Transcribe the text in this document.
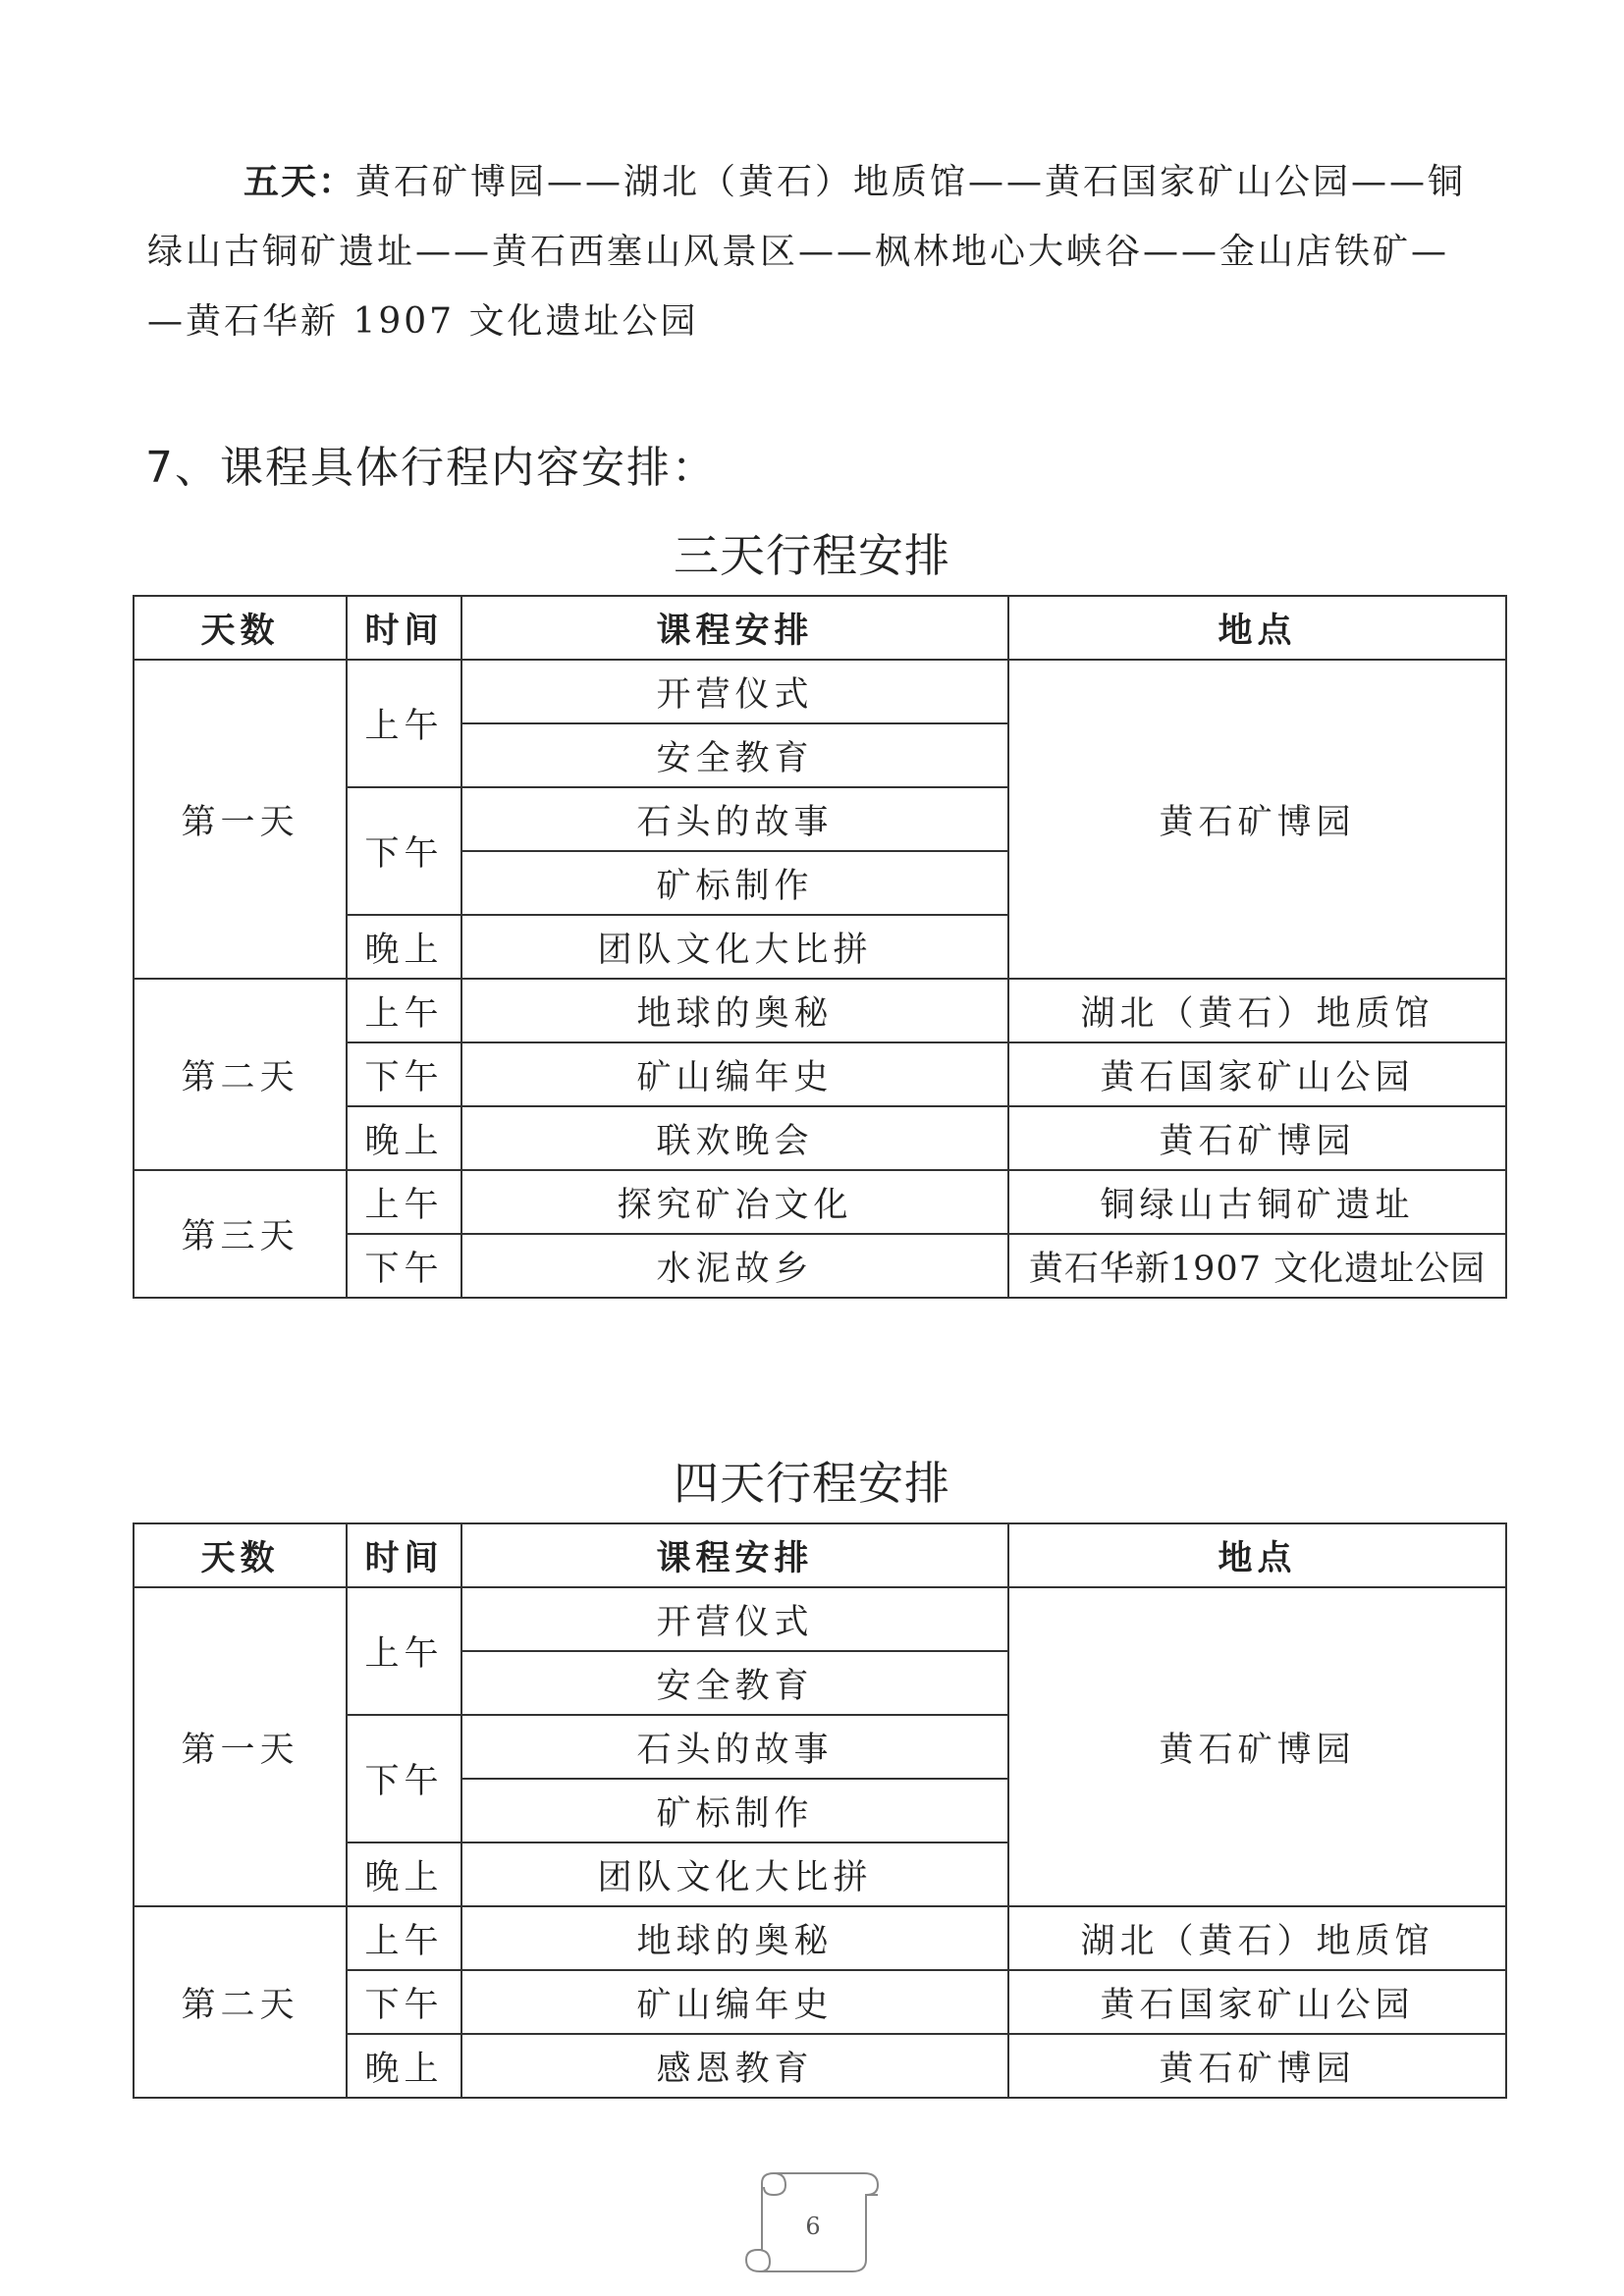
五天：黄石矿博园——湖北（黄石）地质馆——黄石国家矿山公园——铜
绿山古铜矿遗址——黄石西塞山风景区——枫林地心大峡谷——金山店铁矿—
—黄石华新 1907 文化遗址公园
7、课程具体行程内容安排：
三天行程安排
天数	时间	课程安排	地点
第一天	上午	开营仪式	黄石矿博园
		安全教育	
	下午	石头的故事	
		矿标制作	
	晚上	团队文化大比拼	
第二天	上午	地球的奥秘	湖北（黄石）地质馆
	下午	矿山编年史	黄石国家矿山公园
	晚上	联欢晚会	黄石矿博园
第三天	上午	探究矿冶文化	铜绿山古铜矿遗址
	下午	水泥故乡	黄石华新1907 文化遗址公园
四天行程安排
天数	时间	课程安排	地点
第一天	上午	开营仪式	黄石矿博园
		安全教育	
	下午	石头的故事	
		矿标制作	
	晚上	团队文化大比拼	
第二天	上午	地球的奥秘	湖北（黄石）地质馆
	下午	矿山编年史	黄石国家矿山公园
	晚上	感恩教育	黄石矿博园
6
